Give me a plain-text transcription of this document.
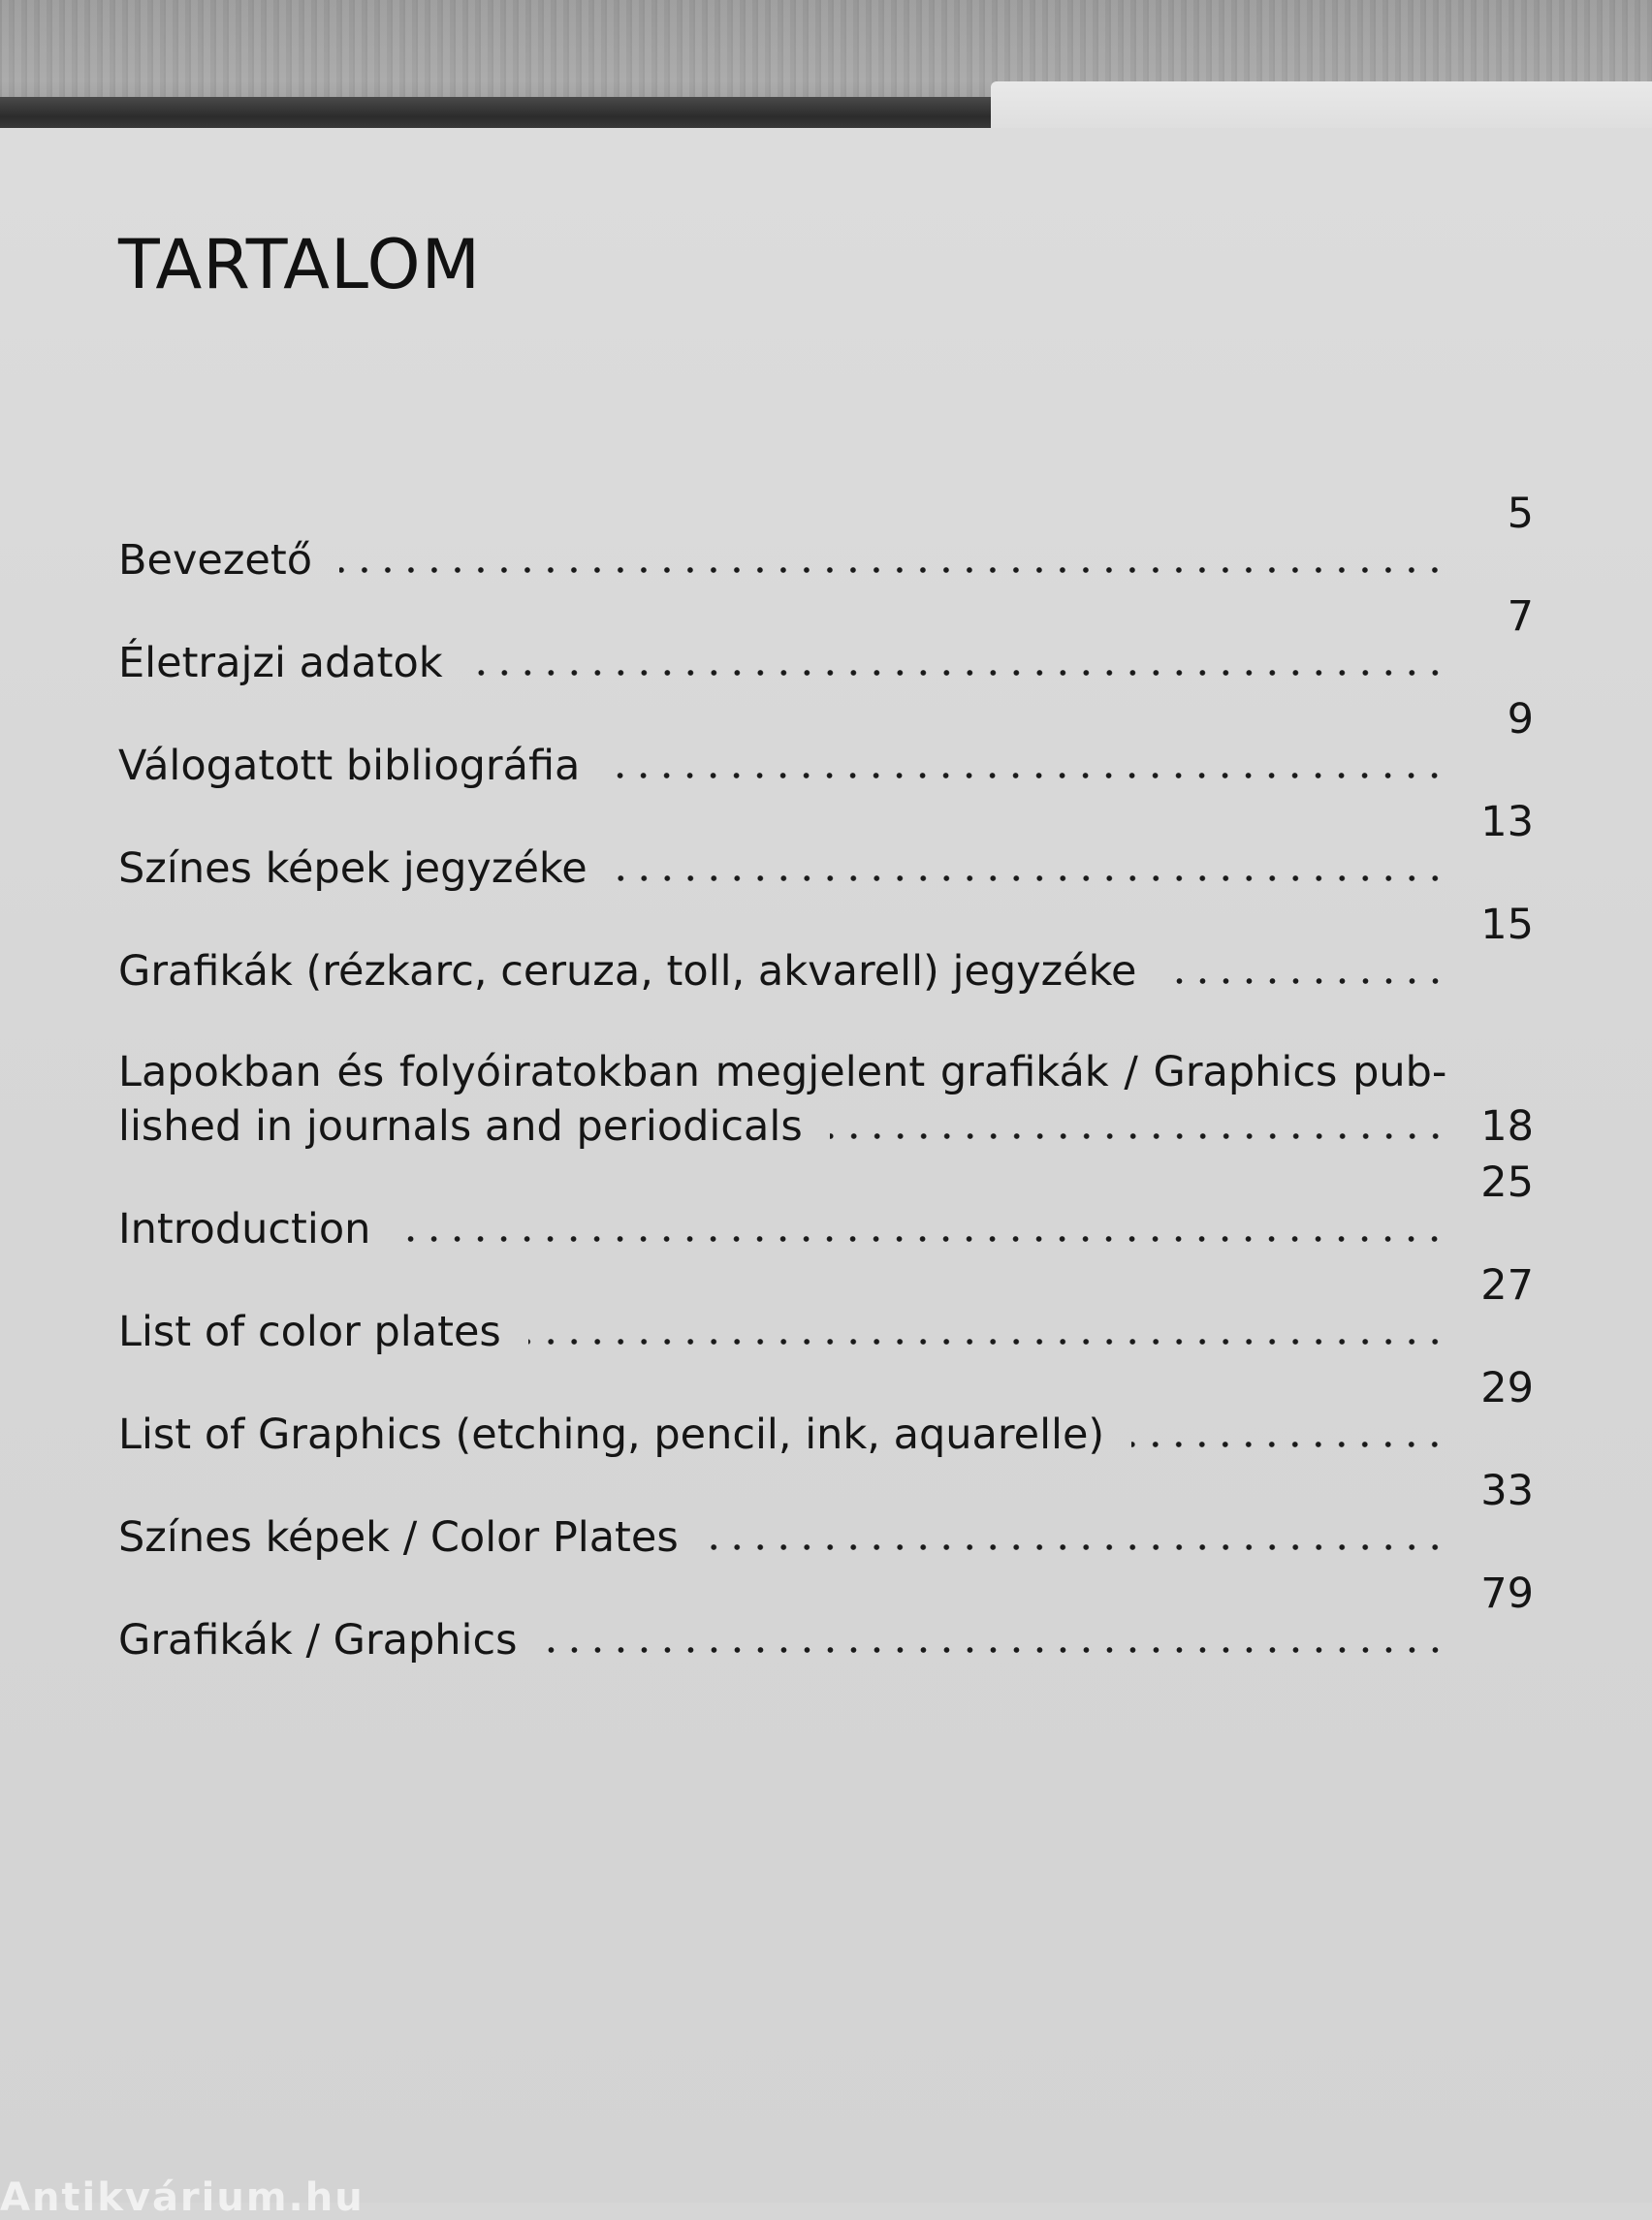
TARTALOM
Bevezető
5
Életrajzi adatok
7
Válogatott bibliográfia
9
Színes képek jegyzéke
13
Grafikák (rézkarc, ceruza, toll, akvarell) jegyzéke
15
Lapokban és folyóiratokban megjelent grafikák / Graphics pub-
lished in journals and periodicals	18
Introduction
25
List of color plates
27
List of Graphics (etching, pencil, ink, aquarelle)
29
Színes képek / Color Plates
33
Grafikák / Graphics
79
Antikvárium.hu
